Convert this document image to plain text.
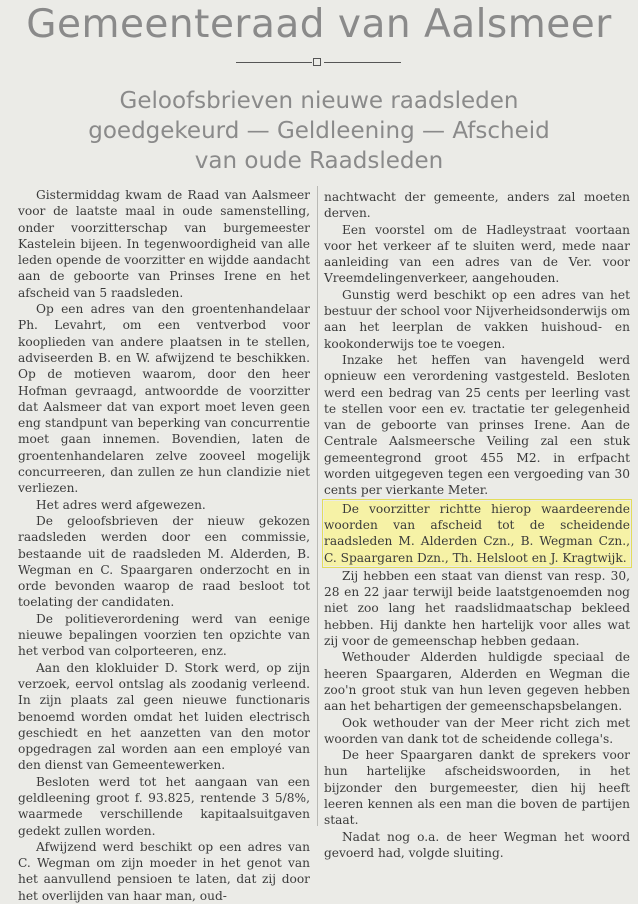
Gemeenteraad van Aalsmeer
Geloofsbrieven nieuwe raadsleden
goedgekeurd — Geldleening — Afscheid
van oude Raadsleden

Gistermiddag kwam de Raad van Aalsmeer voor de laatste maal in oude samenstelling, onder voorzitterschap van burgemeester Kastelein bijeen. In tegenwoordigheid van alle leden opende de voorzitter en wijdde aandacht aan de geboorte van Prinses Irene en het afscheid van 5 raadsleden.

Op een adres van den groentenhandelaar Ph. Levahrt, om een ventverbod voor kooplieden van andere plaatsen in te stellen, adviseerden B. en W. afwijzend te beschikken. Op de motieven waarom, door den heer Hofman gevraagd, antwoordde de voorzitter dat Aalsmeer dat van export moet leven geen eng standpunt van beperking van concurrentie moet gaan innemen. Bovendien, laten de groentenhandelaren zelve zooveel mogelijk concurreeren, dan zullen ze hun clandizie niet verliezen.

Het adres werd afgewezen.

De geloofsbrieven der nieuw gekozen raadsleden werden door een commissie, bestaande uit de raadsleden M. Alderden, B. Wegman en C. Spaargaren onderzocht en in orde bevonden waarop de raad besloot tot toelating der candidaten.

De politieverordening werd van eenige nieuwe bepalingen voorzien ten opzichte van het verbod van colporteeren, enz.

Aan den klokluider D. Stork werd, op zijn verzoek, eervol ontslag als zoodanig verleend. In zijn plaats zal geen nieuwe functionaris benoemd worden omdat het luiden electrisch geschiedt en het aanzetten van den motor opgedragen zal worden aan een employé van den dienst van Gemeentewerken.

Besloten werd tot het aangaan van een geldleening groot f. 93.825, rentende 3 5/8%, waarmede verschillende kapitaalsuitgaven gedekt zullen worden.

Afwijzend werd beschikt op een adres van C. Wegman om zijn moeder in het genot van het aanvullend pensioen te laten, dat zij door het overlijden van haar man, oud-

nachtwacht der gemeente, anders zal moeten derven.

Een voorstel om de Hadleystraat voortaan voor het verkeer af te sluiten werd, mede naar aanleiding van een adres van de Ver. voor Vreemdelingenverkeer, aangehouden.

Gunstig werd beschikt op een adres van het bestuur der school voor Nijverheidsonderwijs om aan het leerplan de vakken huishoud- en kookonderwijs toe te voegen.

Inzake het heffen van havengeld werd opnieuw een verordening vastgesteld. Besloten werd een bedrag van 25 cents per leerling vast te stellen voor een ev. tractatie ter gelegenheid van de geboorte van prinses Irene. Aan de Centrale Aalsmeersche Veiling zal een stuk gemeentegrond groot 455 M2. in erfpacht worden uitgegeven tegen een vergoeding van 30 cents per vierkante Meter.

De voorzitter richtte hierop waardeerende woorden van afscheid tot de scheidende raadsleden M. Alderden Czn., B. Wegman Czn., C. Spaargaren Dzn., Th. Helsloot en J. Kragtwijk.

Zij hebben een staat van dienst van resp. 30, 28 en 22 jaar terwijl beide laatstgenoemden nog niet zoo lang het raadslidmaatschap bekleed hebben. Hij dankte hen hartelijk voor alles wat zij voor de gemeenschap hebben gedaan.

Wethouder Alderden huldigde speciaal de heeren Spaargaren, Alderden en Wegman die zoo'n groot stuk van hun leven gegeven hebben aan het behartigen der gemeenschapsbelangen.

Ook wethouder van der Meer richt zich met woorden van dank tot de scheidende collega's.

De heer Spaargaren dankt de sprekers voor hun hartelijke afscheidswoorden, in het bijzonder den burgemeester, dien hij heeft leeren kennen als een man die boven de partijen staat.

Nadat nog o.a. de heer Wegman het woord gevoerd had, volgde sluiting.
